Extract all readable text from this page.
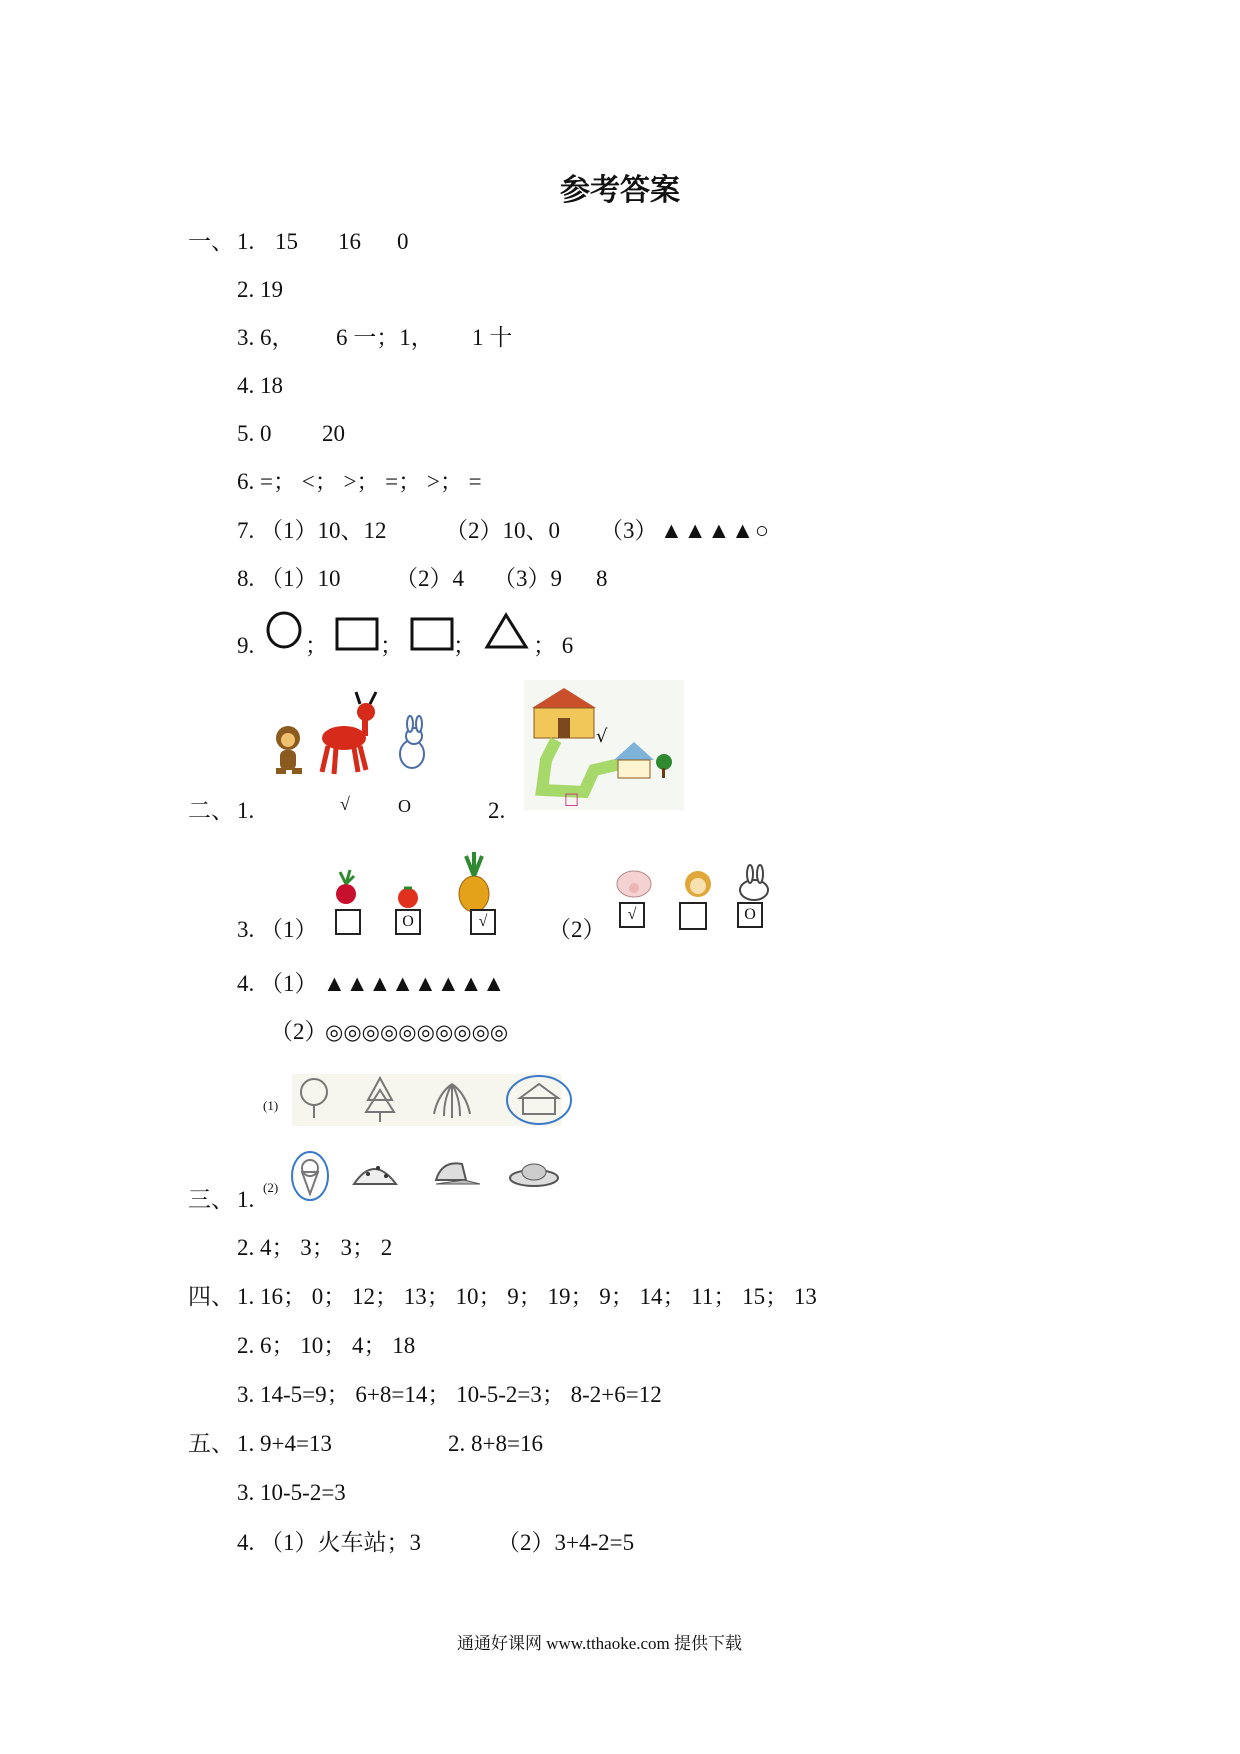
参考答案
一、 1. 15 16 0
2. 19
3. 6， 6 一；1， 1 十
4. 18
5. 0 20
6. =； <； >； =； >； =
7. （1）10、12	（2）10、0 （3） ▲▲▲▲○
8. （1）10 （2）4 （3）9 8
9. ； ； ； ； 6
√
□
二、 1.	√	O	2.
3. （1）	O	√	（2）
√	O
4. （1） ▲▲▲▲▲▲▲▲
（2）
◎◎◎◎◎◎◎◎◎◎
(1)
三、 1. (2)
2. 4； 3； 3； 2
四、 1. 16； 0； 12； 13； 10； 9； 19； 9； 14； 11； 15； 13
2. 6； 10； 4； 18
3. 14-5=9； 6+8=14； 10-5-2=3； 8-2+6=12
五、 1. 9+4=13	2. 8+8=16
3. 10-5-2=3
4. （1）火车站；3	（2）3+4-2=5
通通好课网 www.tthaoke.com 提供下载
